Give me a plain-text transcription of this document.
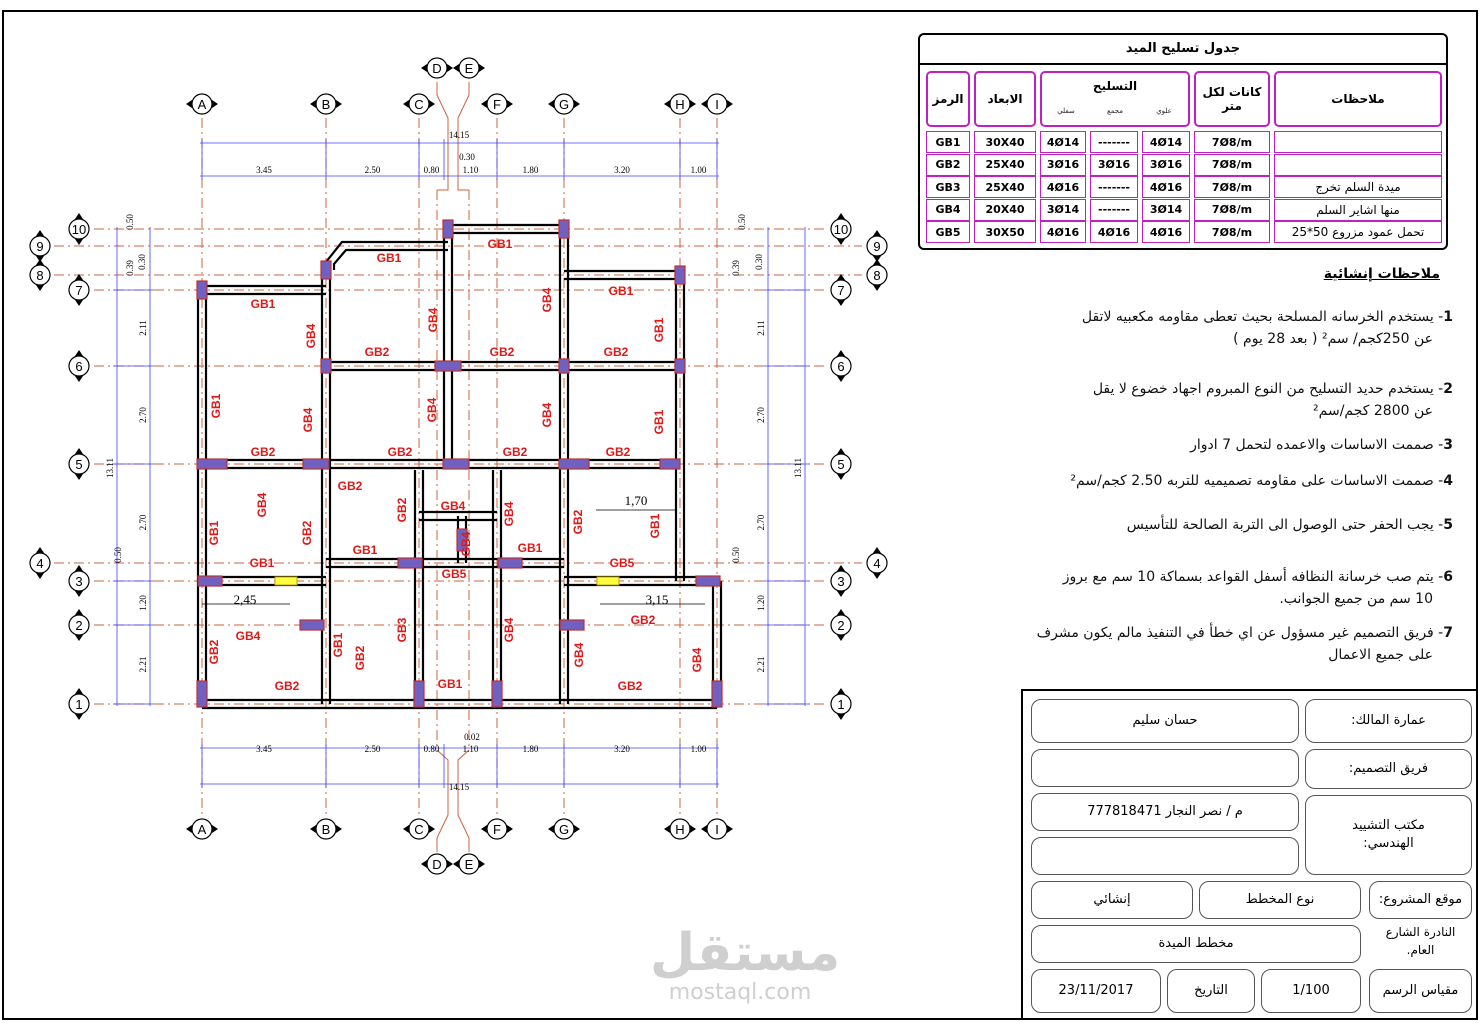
14.15
14.15
3.45
3.45
2.50
2.50
0.80
0.80
1.10
1.10
1.80
1.80
3.20
3.20
1.00
1.00
0.30
0.02
13.11	13.11
2.21	2.21
1.20	1.20
2.70	2.70
2.70	2.70
2.11	2.11
0.50
0.39 0.30
0.50
0.50
0.39 0.30
0.50
1,70
2,45	3,15
A
A
B
B
C
C
D
D
E
E
F
F
G
G
H
H
I
I
1	1
2	2
3	3
4	4
5	5
6	6
7	7
8	8
9	9
10	10
GB1
GB1
GB1
GB1
GB4
GB4
GB4
GB1
GB2	GB2	GB2
GB2
GB1
GB4	GB4	GB4	GB1
GB2	GB2	GB2
GB2
GB2	GB4	GB4
GB4
GB4
GB2
GB1	GB2	GB1
GB1	GB1
GB1	GB5
GB5
GB3	GB4
GB4	GB1
GB2
GB2
GB2	GB4	GB4
GB2	GB1	GB2
جدول تسليح الميد
الرمز	الابعاد
التسليح
سفلي	مجمع	علوي
كانات لكل متر	ملاحظات
GB1	30X40	4Ø14	-------	4Ø14	7Ø8/m
GB2	25X40	3Ø16	3Ø16	3Ø16	7Ø8/m
GB3	25X40	4Ø16	-------	4Ø16	7Ø8/m	ميدة السلم تخرج
GB4	20X40	3Ø14	-------	3Ø14	7Ø8/m	منها اشاير السلم
GB5	30X50	4Ø16	4Ø16	4Ø16	7Ø8/m	تحمل عمود مزروع 50*25
ملاحظات إنشائية
1- يستخدم الخرسانه المسلحة بحيث تعطى مقاومه مكعبيه لاتقل
عن 250كجم/ سم² ( بعد 28 يوم )
2- يستخدم حديد التسليح من النوع المبروم اجهاد خضوع لا يقل
عن 2800 كجم/سم²
3- صممت الاساسات والاعمده لتحمل 7 ادوار
4- صممت الاساسات على مقاومه تصميميه للتربه 2.50 كجم/سم²
5- يجب الحفر حتى الوصول الى التربة الصالحة للتأسيس
6- يتم صب خرسانة النظافه أسفل القواعد بسماكة 10 سم مع بروز
10 سم من جميع الجوانب.
7- فريق التصميم غير مسؤول عن اي خطأ في التنفيذ مالم يكون مشرف
على جميع الاعمال
عمارة المالك:
حسان سليم
فريق التصميم:
مكتب التشييد الهندسي:
م / نصر النجار 777818471
موقع المشروع:
النادرة الشارع العام.
نوع المخطط
إنشائي
مخطط الميدة
مقياس الرسم
1/100
التاريخ
23/11/2017
مستقل
mostaql.com
